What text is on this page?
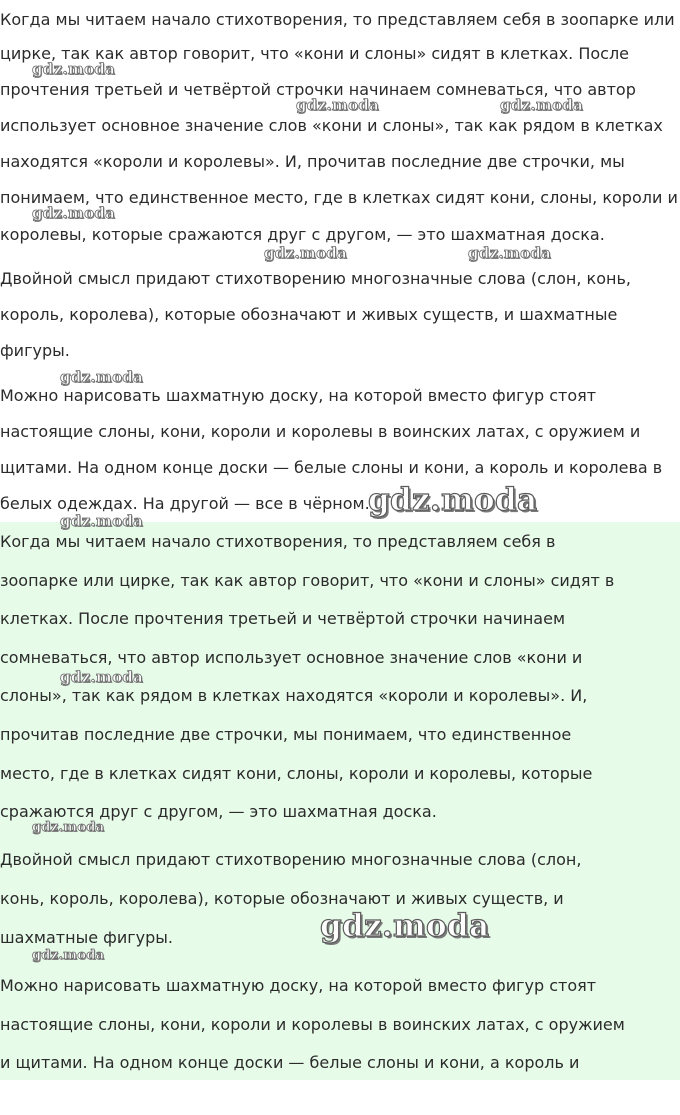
Когда мы читаем начало стихотворения, то представляем себя в зоопарке или
цирке, так как автор говорит, что «кони и слоны» сидят в клетках. После
прочтения третьей и четвёртой строчки начинаем сомневаться, что автор
использует основное значение слов «кони и слоны», так как рядом в клетках
находятся «короли и королевы». И, прочитав последние две строчки, мы
понимаем, что единственное место, где в клетках сидят кони, слоны, короли и
королевы, которые сражаются друг с другом, — это шахматная доска.
Двойной смысл придают стихотворению многозначные слова (слон, конь,
король, королева), которые обозначают и живых существ, и шахматные
фигуры.
Можно нарисовать шахматную доску, на которой вместо фигур стоят
настоящие слоны, кони, короли и королевы в воинских латах, с оружием и
щитами. На одном конце доски — белые слоны и кони, а король и королева в
белых одеждах. На другой — все в чёрном.
Когда мы читаем начало стихотворения, то представляем себя в
зоопарке или цирке, так как автор говорит, что «кони и слоны» сидят в
клетках. После прочтения третьей и четвёртой строчки начинаем
сомневаться, что автор использует основное значение слов «кони и
слоны», так как рядом в клетках находятся «короли и королевы». И,
прочитав последние две строчки, мы понимаем, что единственное
место, где в клетках сидят кони, слоны, короли и королевы, которые
сражаются друг с другом, — это шахматная доска.
Двойной смысл придают стихотворению многозначные слова (слон,
конь, король, королева), которые обозначают и живых существ, и
шахматные фигуры.
Можно нарисовать шахматную доску, на которой вместо фигур стоят
настоящие слоны, кони, короли и королевы в воинских латах, с оружием
и щитами. На одном конце доски — белые слоны и кони, а король и
gdz.moda
gdz.moda	gdz.moda
gdz.moda
gdz.moda	gdz.moda
gdz.moda
gdz.moda
gdz.moda
gdz.moda
gdz.moda
gdz.moda
gdz.moda
